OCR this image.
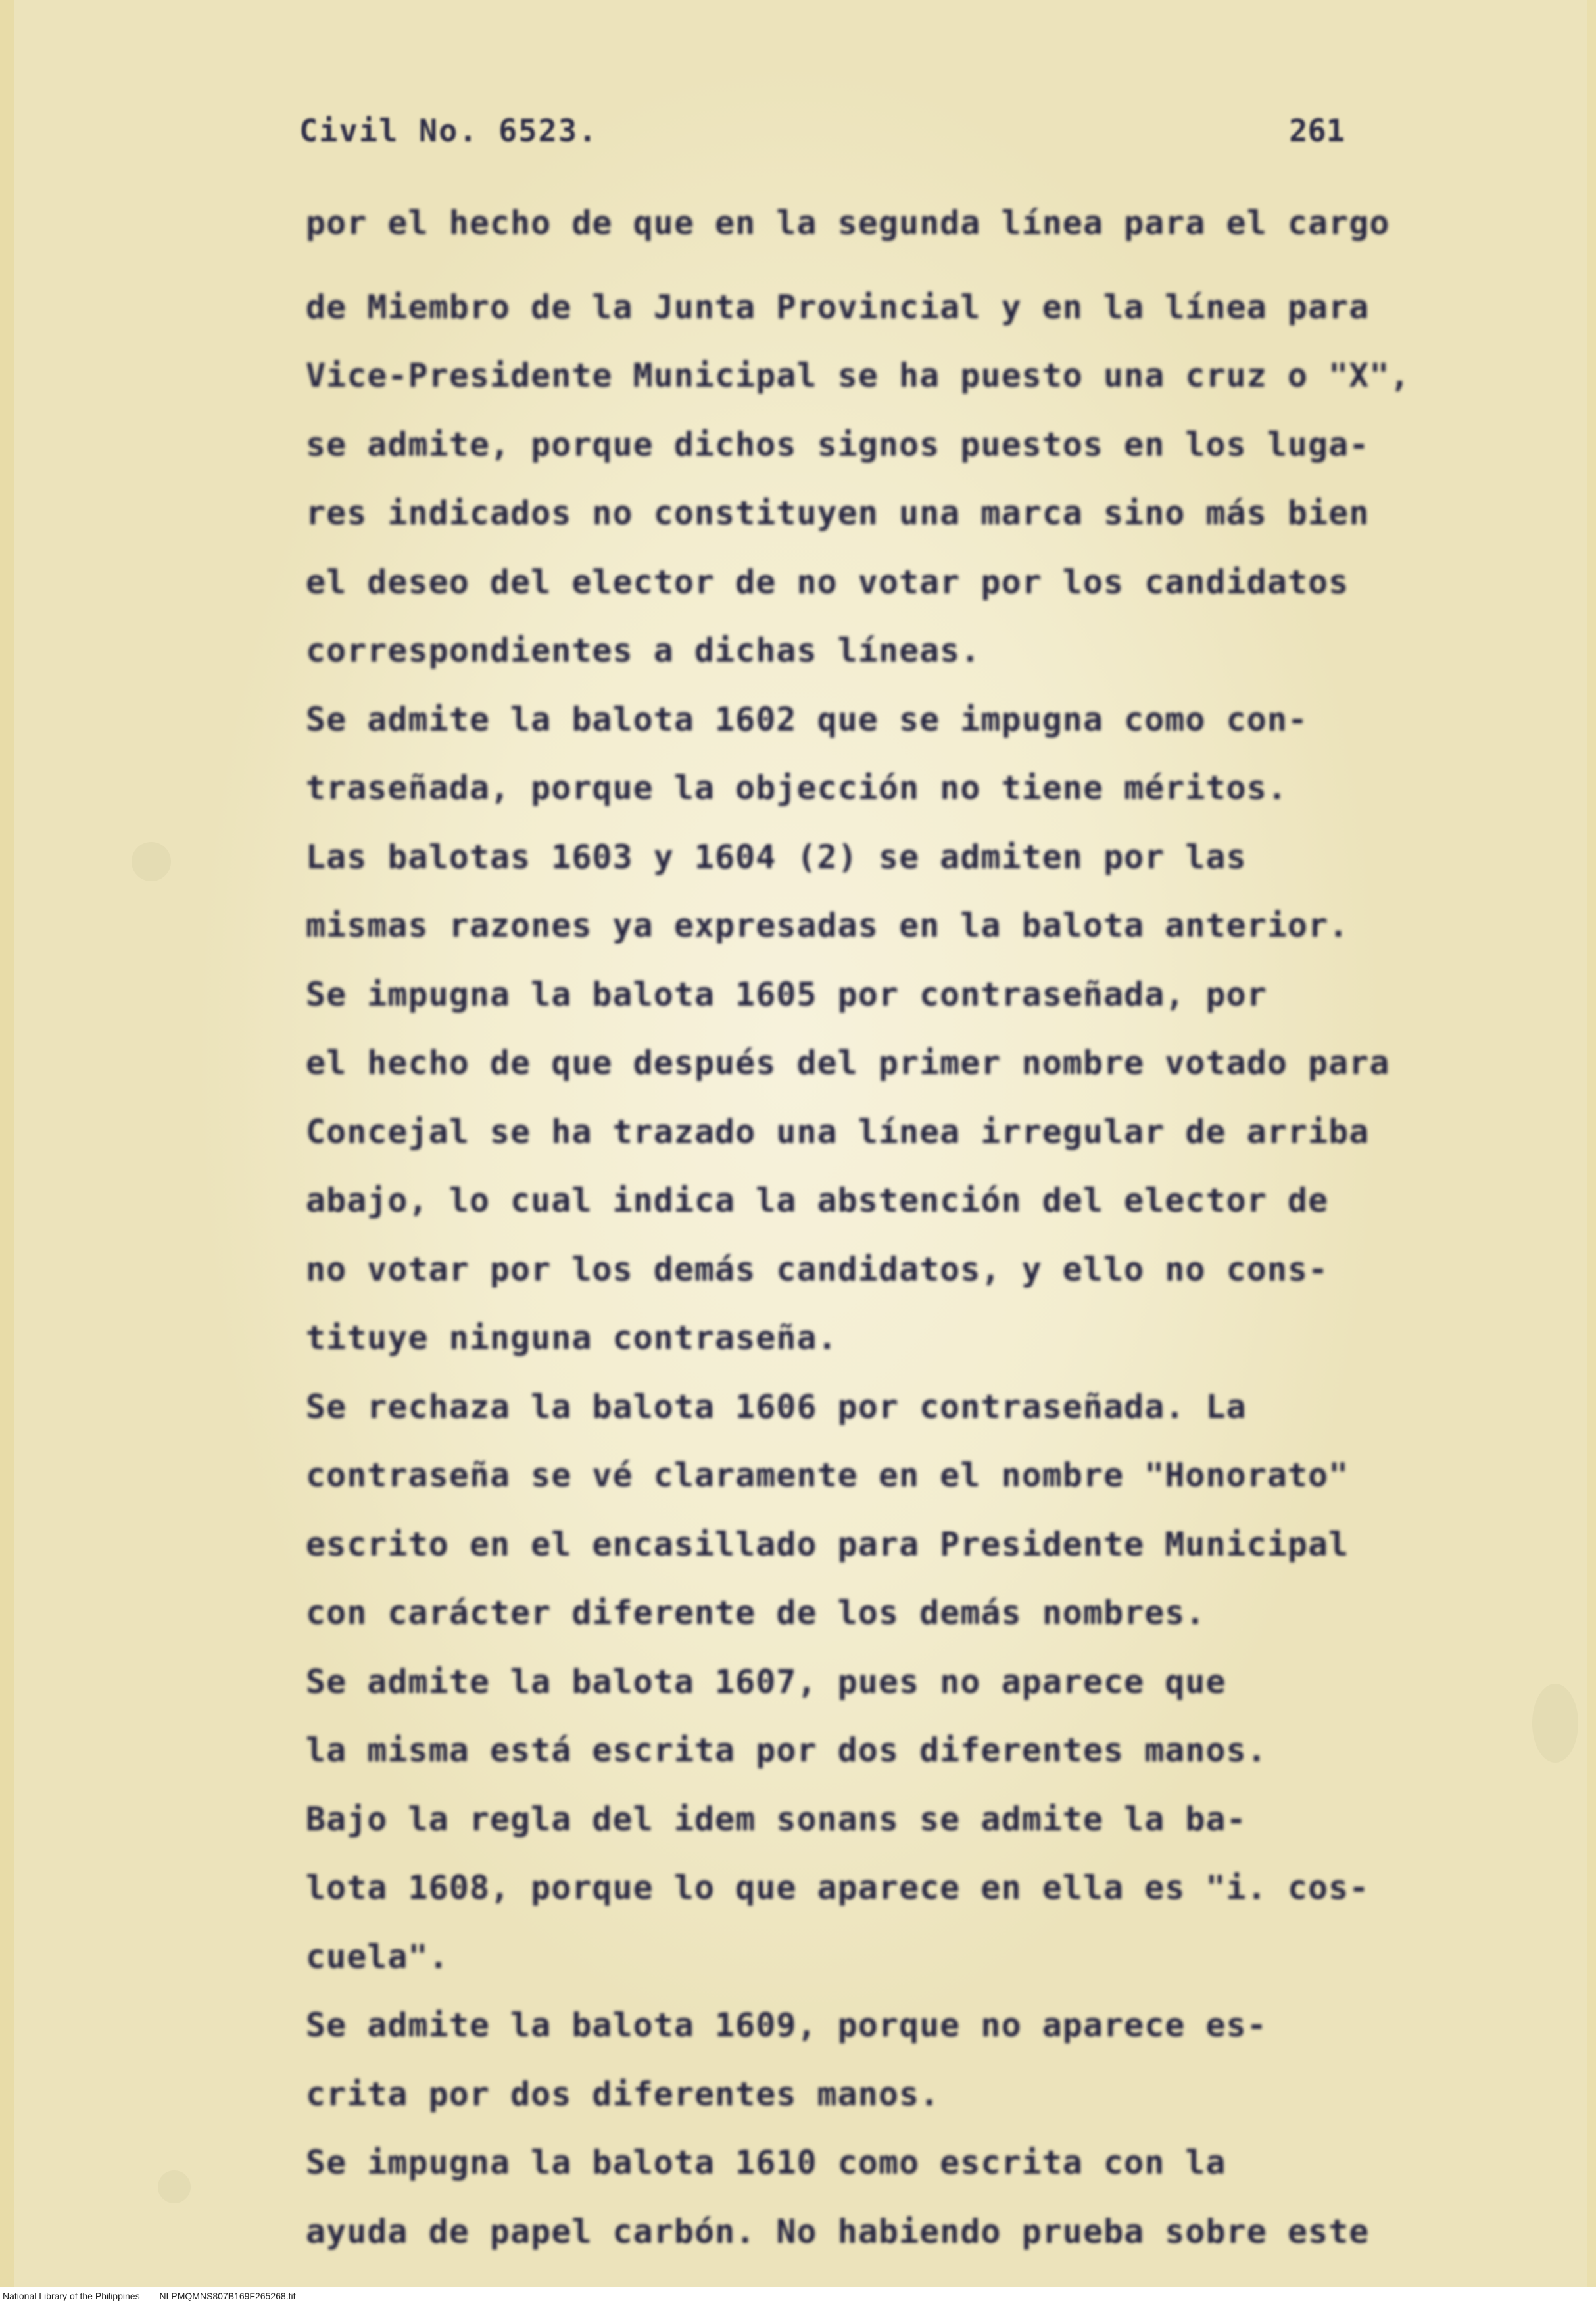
Civil No. 6523.	261
por el hecho de que en la segunda línea para el cargo
de Miembro de la Junta Provincial y en la línea para
Vice-Presidente Municipal se ha puesto una cruz o "X",
se admite, porque dichos signos puestos en los luga-
res indicados no constituyen una marca sino más bien
el deseo del elector de no votar por los candidatos
correspondientes a dichas líneas.
Se admite la balota 1602 que se impugna como con-
traseñada, porque la objección no tiene méritos.
Las balotas 1603 y 1604 (2) se admiten por las
mismas razones ya expresadas en la balota anterior.
Se impugna la balota 1605 por contraseñada, por
el hecho de que después del primer nombre votado para
Concejal se ha trazado una línea irregular de arriba
abajo, lo cual indica la abstención del elector de
no votar por los demás candidatos, y ello no cons-
tituye ninguna contraseña.
Se rechaza la balota 1606 por contraseñada. La
contraseña se vé claramente en el nombre "Honorato"
escrito en el encasillado para Presidente Municipal
con carácter diferente de los demás nombres.
Se admite la balota 1607, pues no aparece que
la misma está escrita por dos diferentes manos.
Bajo la regla del idem sonans se admite la ba-
lota 1608, porque lo que aparece en ella es "i. cos-
cuela".
Se admite la balota 1609, porque no aparece es-
crita por dos diferentes manos.
Se impugna la balota 1610 como escrita con la
ayuda de papel carbón. No habiendo prueba sobre este
National Library of the Philippines NLPMQMNS807B169F265268.tif
